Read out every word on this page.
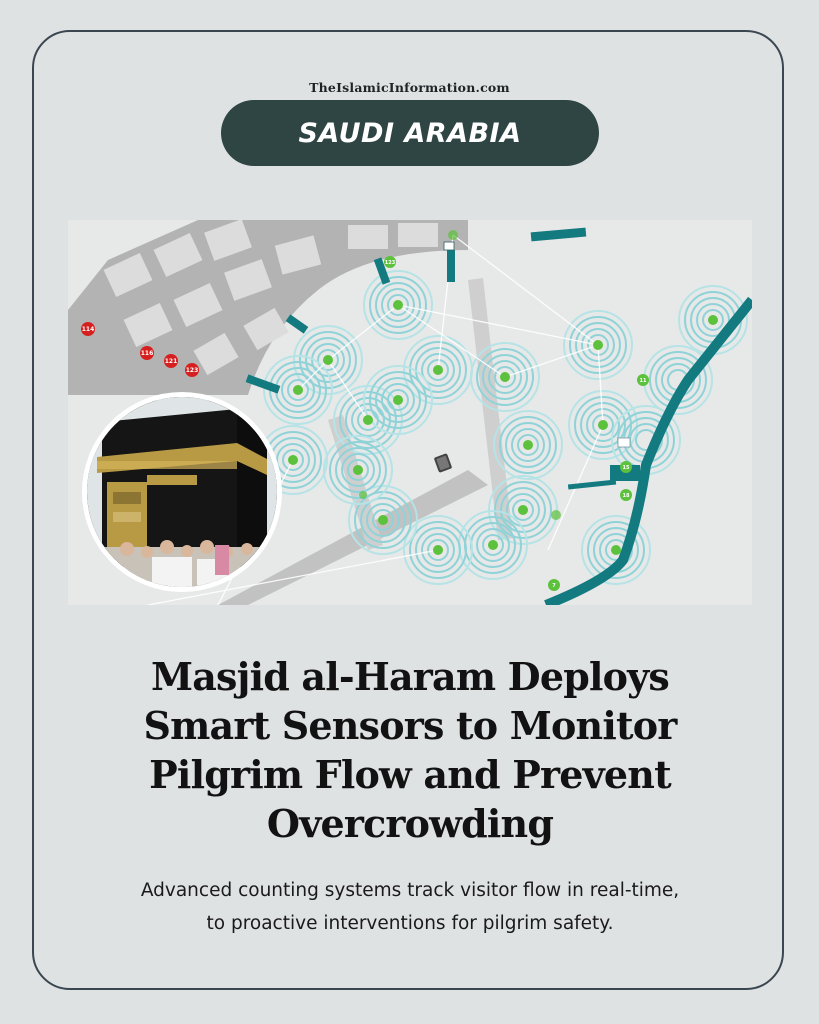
TheIslamicInformation.com
SAUDI ARABIA
123
11
15
18
7
114
116
121
123
Masjid al-Haram Deploys
Smart Sensors to Monitor
Pilgrim Flow and Prevent
Overcrowding
Advanced counting systems track visitor flow in real-time,
to proactive interventions for pilgrim safety.
